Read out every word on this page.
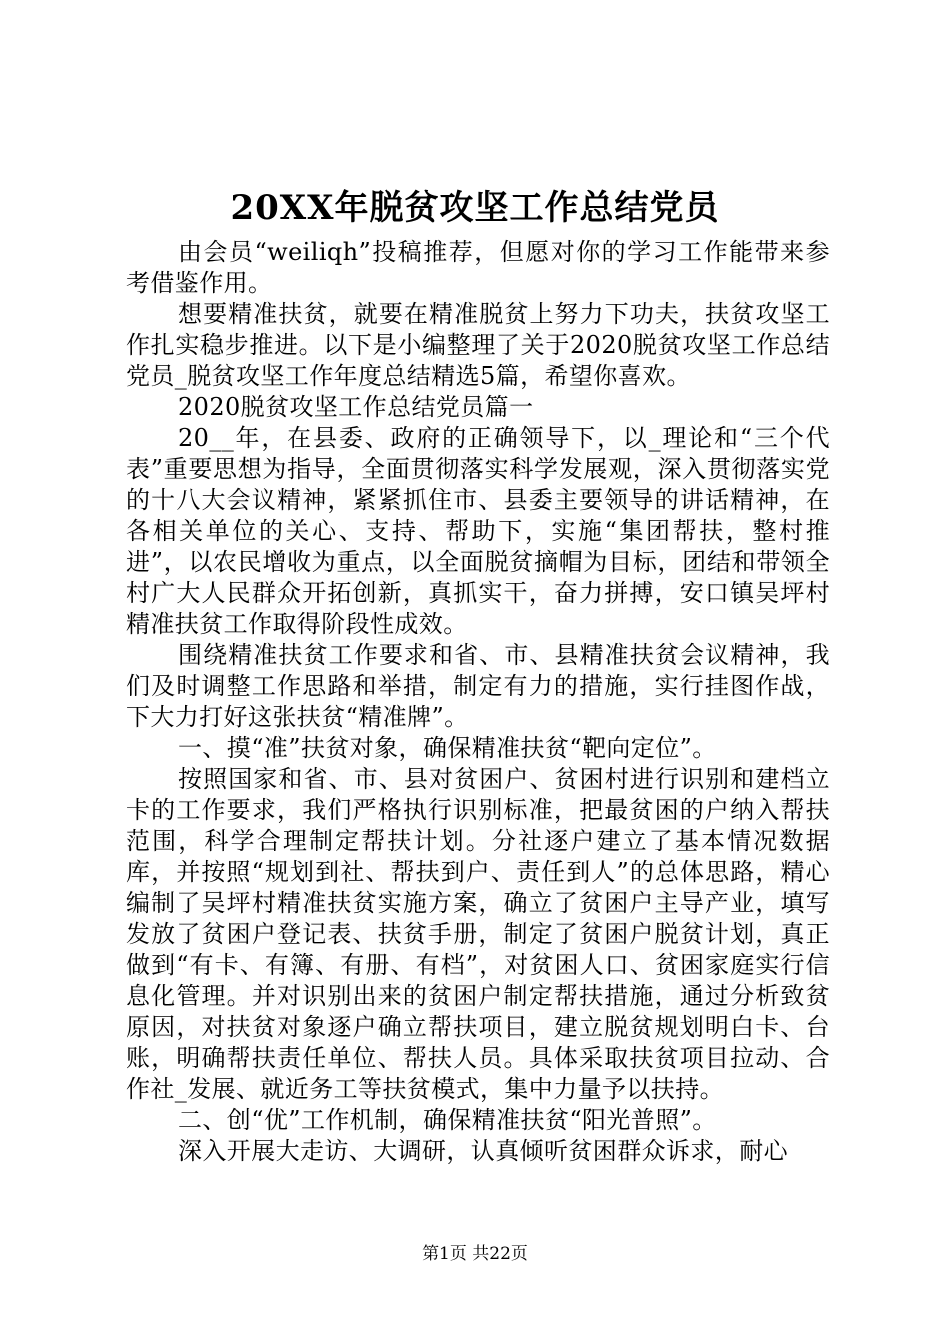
20XX年脱贫攻坚工作总结党员

由会员“weiliqh”投稿推荐，但愿对你的学习工作能带来参考借鉴作用。

想要精准扶贫，就要在精准脱贫上努力下功夫，扶贫攻坚工作扎实稳步推进。以下是小编整理了关于2020脱贫攻坚工作总结党员_脱贫攻坚工作年度总结精选5篇，希望你喜欢。

2020脱贫攻坚工作总结党员篇一

20__年，在县委、政府的正确领导下，以_理论和“三个代表”重要思想为指导，全面贯彻落实科学发展观，深入贯彻落实党的十八大会议精神，紧紧抓住市、县委主要领导的讲话精神，在各相关单位的关心、支持、帮助下，实施“集团帮扶，整村推进”，以农民增收为重点，以全面脱贫摘帽为目标，团结和带领全村广大人民群众开拓创新，真抓实干，奋力拼搏，安口镇吴坪村精准扶贫工作取得阶段性成效。

围绕精准扶贫工作要求和省、市、县精准扶贫会议精神，我们及时调整工作思路和举措，制定有力的措施，实行挂图作战，下大力打好这张扶贫“精准牌”。

一、摸“准”扶贫对象，确保精准扶贫“靶向定位”。

按照国家和省、市、县对贫困户、贫困村进行识别和建档立卡的工作要求，我们严格执行识别标准，把最贫困的户纳入帮扶范围，科学合理制定帮扶计划。分社逐户建立了基本情况数据库，并按照“规划到社、帮扶到户、责任到人”的总体思路，精心编制了吴坪村精准扶贫实施方案，确立了贫困户主导产业，填写发放了贫困户登记表、扶贫手册，制定了贫困户脱贫计划，真正做到“有卡、有簿、有册、有档”，对贫困人口、贫困家庭实行信息化管理。并对识别出来的贫困户制定帮扶措施，通过分析致贫原因，对扶贫对象逐户确立帮扶项目，建立脱贫规划明白卡、台账，明确帮扶责任单位、帮扶人员。具体采取扶贫项目拉动、合作社_发展、就近务工等扶贫模式，集中力量予以扶持。

二、创“优”工作机制，确保精准扶贫“阳光普照”。

深入开展大走访、大调研，认真倾听贫困群众诉求，耐心

第1页 共22页
